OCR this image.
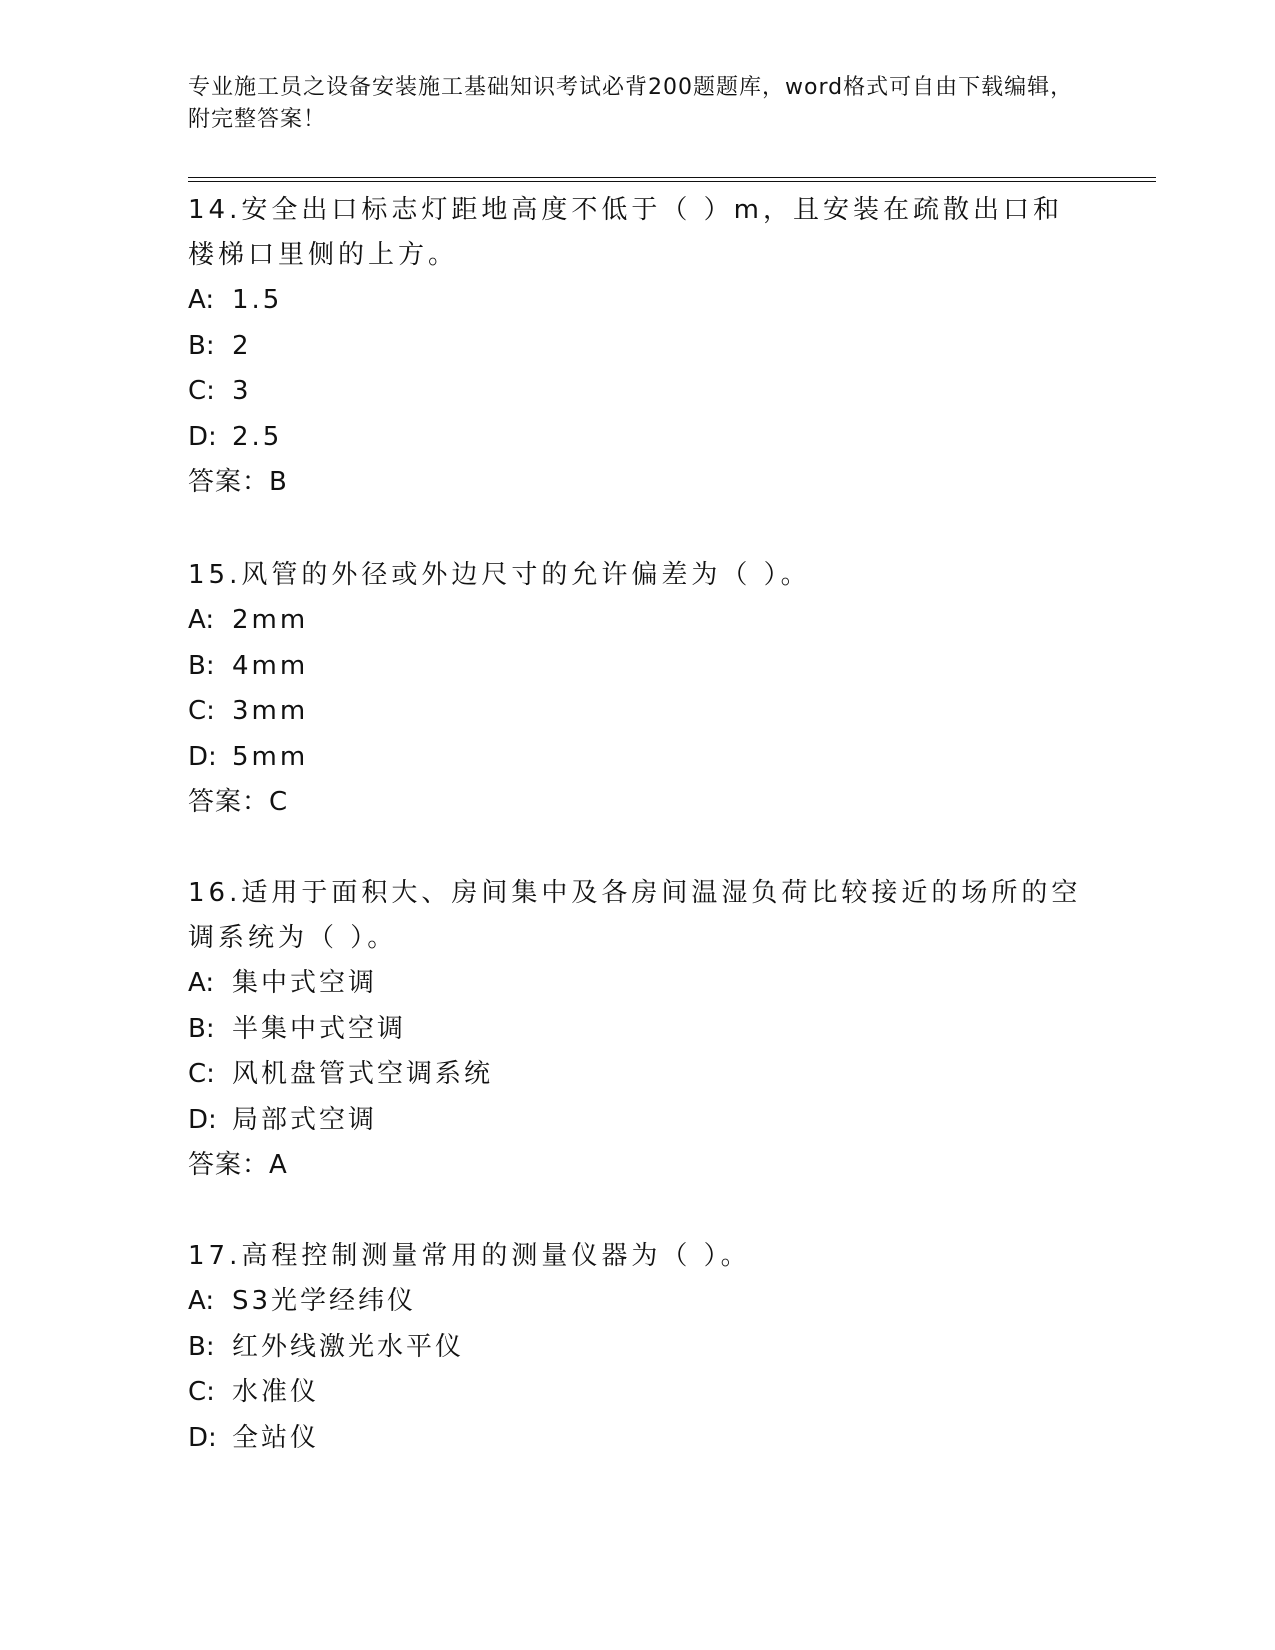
专业施工员之设备安装施工基础知识考试必背200题题库，word格式可自由下载编辑，附完整答案！

14.安全出口标志灯距地高度不低于（ ）m，且安装在疏散出口和楼梯口里侧的上方。

A: 1.5

B: 2

C: 3

D: 2.5

答案：B

15.风管的外径或外边尺寸的允许偏差为（ ）。

A: 2mm

B: 4mm

C: 3mm

D: 5mm

答案：C

16.适用于面积大、房间集中及各房间温湿负荷比较接近的场所的空调系统为（ ）。

A: 集中式空调

B: 半集中式空调

C: 风机盘管式空调系统

D: 局部式空调

答案：A

17.高程控制测量常用的测量仪器为（ ）。

A: S3光学经纬仪

B: 红外线激光水平仪

C: 水准仪

D: 全站仪
